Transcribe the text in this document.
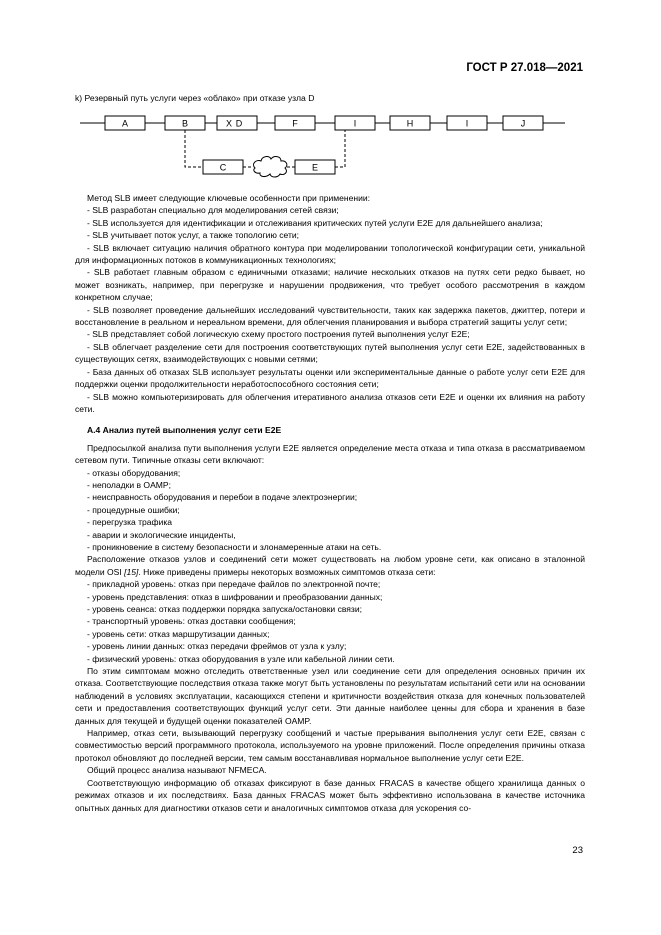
ГОСТ Р 27.018—2021
k) Резервный путь услуги через «облако» при отказе узла D
A	B	X D	F	I	H	I	J
C	E

Метод SLB имеет следующие ключевые особенности при применении:

- SLB разработан специально для моделирования сетей связи;

- SLB используется для идентификации и отслеживания критических путей услуги E2E для дальнейшего анализа;

- SLB учитывает поток услуг, а также топологию сети;

- SLB включает ситуацию наличия обратного контура при моделировании топологической конфигурации сети, уникальной для информационных потоков в коммуникационных технологиях;

- SLB работает главным образом с единичными отказами; наличие нескольких отказов на путях сети редко бывает, но может возникать, например, при перегрузке и нарушении продвижения, что требует особого рассмотрения в каждом конкретном случае;

- SLB позволяет проведение дальнейших исследований чувствительности, таких как задержка пакетов, джиттер, потери и восстановление в реальном и нереальном времени, для облегчения планирования и выбора стратегий защиты услуг сети;

- SLB представляет собой логическую схему простого построения путей выполнения услуг E2E;

- SLB облегчает разделение сети для построения соответствующих путей выполнения услуг сети E2E, задействованных в существующих сетях, взаимодействующих с новыми сетями;

- База данных об отказах SLB использует результаты оценки или экспериментальные данные о работе услуг сети E2E для поддержки оценки продолжительности неработоспособного состояния сети;

- SLB можно компьютеризировать для облегчения итеративного анализа отказов сети E2E и оценки их влияния на работу сети.

A.4 Анализ путей выполнения услуг сети E2E

Предпосылкой анализа пути выполнения услуги E2E является определение места отказа и типа отказа в рассматриваемом сетевом пути. Типичные отказы сети включают:

- отказы оборудования;

- неполадки в OAMP;

- неисправность оборудования и перебои в подаче электроэнергии;

- процедурные ошибки;

- перегрузка трафика

- аварии и экологические инциденты,

- проникновение в систему безопасности и злонамеренные атаки на сеть.

Расположение отказов узлов и соединений сети может существовать на любом уровне сети, как описано в эталонной модели OSI [15]. Ниже приведены примеры некоторых возможных симптомов отказа сети:

- прикладной уровень: отказ при передаче файлов по электронной почте;

- уровень представления: отказ в шифровании и преобразовании данных;

- уровень сеанса: отказ поддержки порядка запуска/остановки связи;

- транспортный уровень: отказ доставки сообщения;

- уровень сети: отказ маршрутизации данных;

- уровень линии данных: отказ передачи фреймов от узла к узлу;

- физический уровень: отказ оборудования в узле или кабельной линии сети.

По этим симптомам можно отследить ответственные узел или соединение сети для определения основных причин их отказа. Соответствующие последствия отказа также могут быть установлены по результатам испытаний сети или на основании наблюдений в условиях эксплуатации, касающихся степени и критичности воздействия отказа для конечных пользователей сети и предоставления соответствующих функций услуг сети. Эти данные наиболее ценны для сбора и хранения в базе данных для текущей и будущей оценки показателей OAMP.

Например, отказ сети, вызывающий перегрузку сообщений и частые прерывания выполнения услуг сети E2E, связан с совместимостью версий программного протокола, используемого на уровне приложений. После определения причины отказа протокол обновляют до последней версии, тем самым восстанавливая нормальное выполнение услуг сети E2E.

Общий процесс анализа называют NFMECA.

Соответствующую информацию об отказах фиксируют в базе данных FRACAS в качестве общего хранилища данных о режимах отказов и их последствиях. База данных FRACAS может быть эффективно использована в качестве источника опытных данных для диагностики отказов сети и аналогичных симптомов отказа для ускорения со-

23
